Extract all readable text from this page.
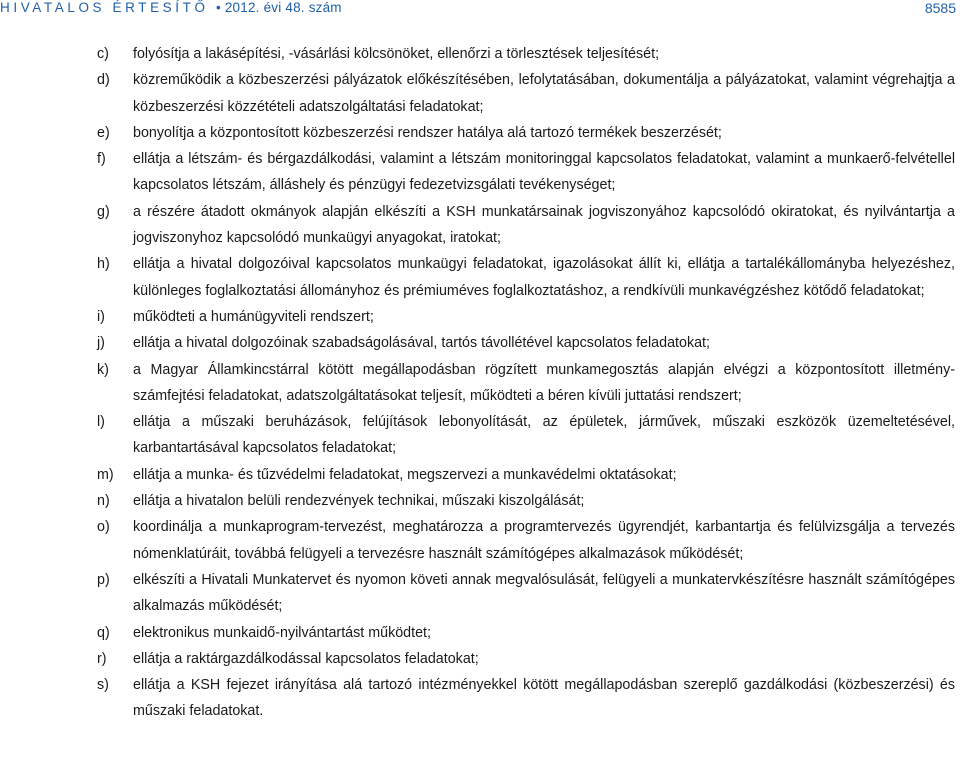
HIVATALOS ÉRTESÍTŐ • 2012. évi 48. szám	8585
c)	folyósítja a lakásépítési, -vásárlási kölcsönöket, ellenőrzi a törlesztések teljesítését;
d)	közreműködik a közbeszerzési pályázatok előkészítésében, lefolytatásában, dokumentálja a pályázatokat, valamint végrehajtja a közbeszerzési közzétételi adatszolgáltatási feladatokat;
e)	bonyolítja a központosított közbeszerzési rendszer hatálya alá tartozó termékek beszerzését;
f)	ellátja a létszám- és bérgazdálkodási, valamint a létszám monitoringgal kapcsolatos feladatokat, valamint a munkaerő-felvétellel kapcsolatos létszám, álláshely és pénzügyi fedezetvizsgálati tevékenységet;
g)	a részére átadott okmányok alapján elkészíti a KSH munkatársainak jogviszonyához kapcsolódó okiratokat, és nyilvántartja a jogviszonyhoz kapcsolódó munkaügyi anyagokat, iratokat;
h)	ellátja a hivatal dolgozóival kapcsolatos munkaügyi feladatokat, igazolásokat állít ki, ellátja a tartalékállományba helyezéshez, különleges foglalkoztatási állományhoz és prémiuméves foglalkoztatáshoz, a rendkívüli munkavégzéshez kötődő feladatokat;
i)	működteti a humánügyviteli rendszert;
j)	ellátja a hivatal dolgozóinak szabadságolásával, tartós távollétével kapcsolatos feladatokat;
k)	a Magyar Államkincstárral kötött megállapodásban rögzített munkamegosztás alapján elvégzi a központosított illetmény-számfejtési feladatokat, adatszolgáltatásokat teljesít, működteti a béren kívüli juttatási rendszert;
l)	ellátja a műszaki beruházások, felújítások lebonyolítását, az épületek, járművek, műszaki eszközök üzemeltetésével, karbantartásával kapcsolatos feladatokat;
m)	ellátja a munka- és tűzvédelmi feladatokat, megszervezi a munkavédelmi oktatásokat;
n)	ellátja a hivatalon belüli rendezvények technikai, műszaki kiszolgálását;
o)	koordinálja a munkaprogram-tervezést, meghatározza a programtervezés ügyrendjét, karbantartja és felülvizsgálja a tervezés nómenklatúráit, továbbá felügyeli a tervezésre használt számítógépes alkalmazások működését;
p)	elkészíti a Hivatali Munkatervet és nyomon követi annak megvalósulását, felügyeli a munkatervkészítésre használt számítógépes alkalmazás működését;
q)	elektronikus munkaidő-nyilvántartást működtet;
r)	ellátja a raktárgazdálkodással kapcsolatos feladatokat;
s)	ellátja a KSH fejezet irányítása alá tartozó intézményekkel kötött megállapodásban szereplő gazdálkodási (közbeszerzési) és műszaki feladatokat.
